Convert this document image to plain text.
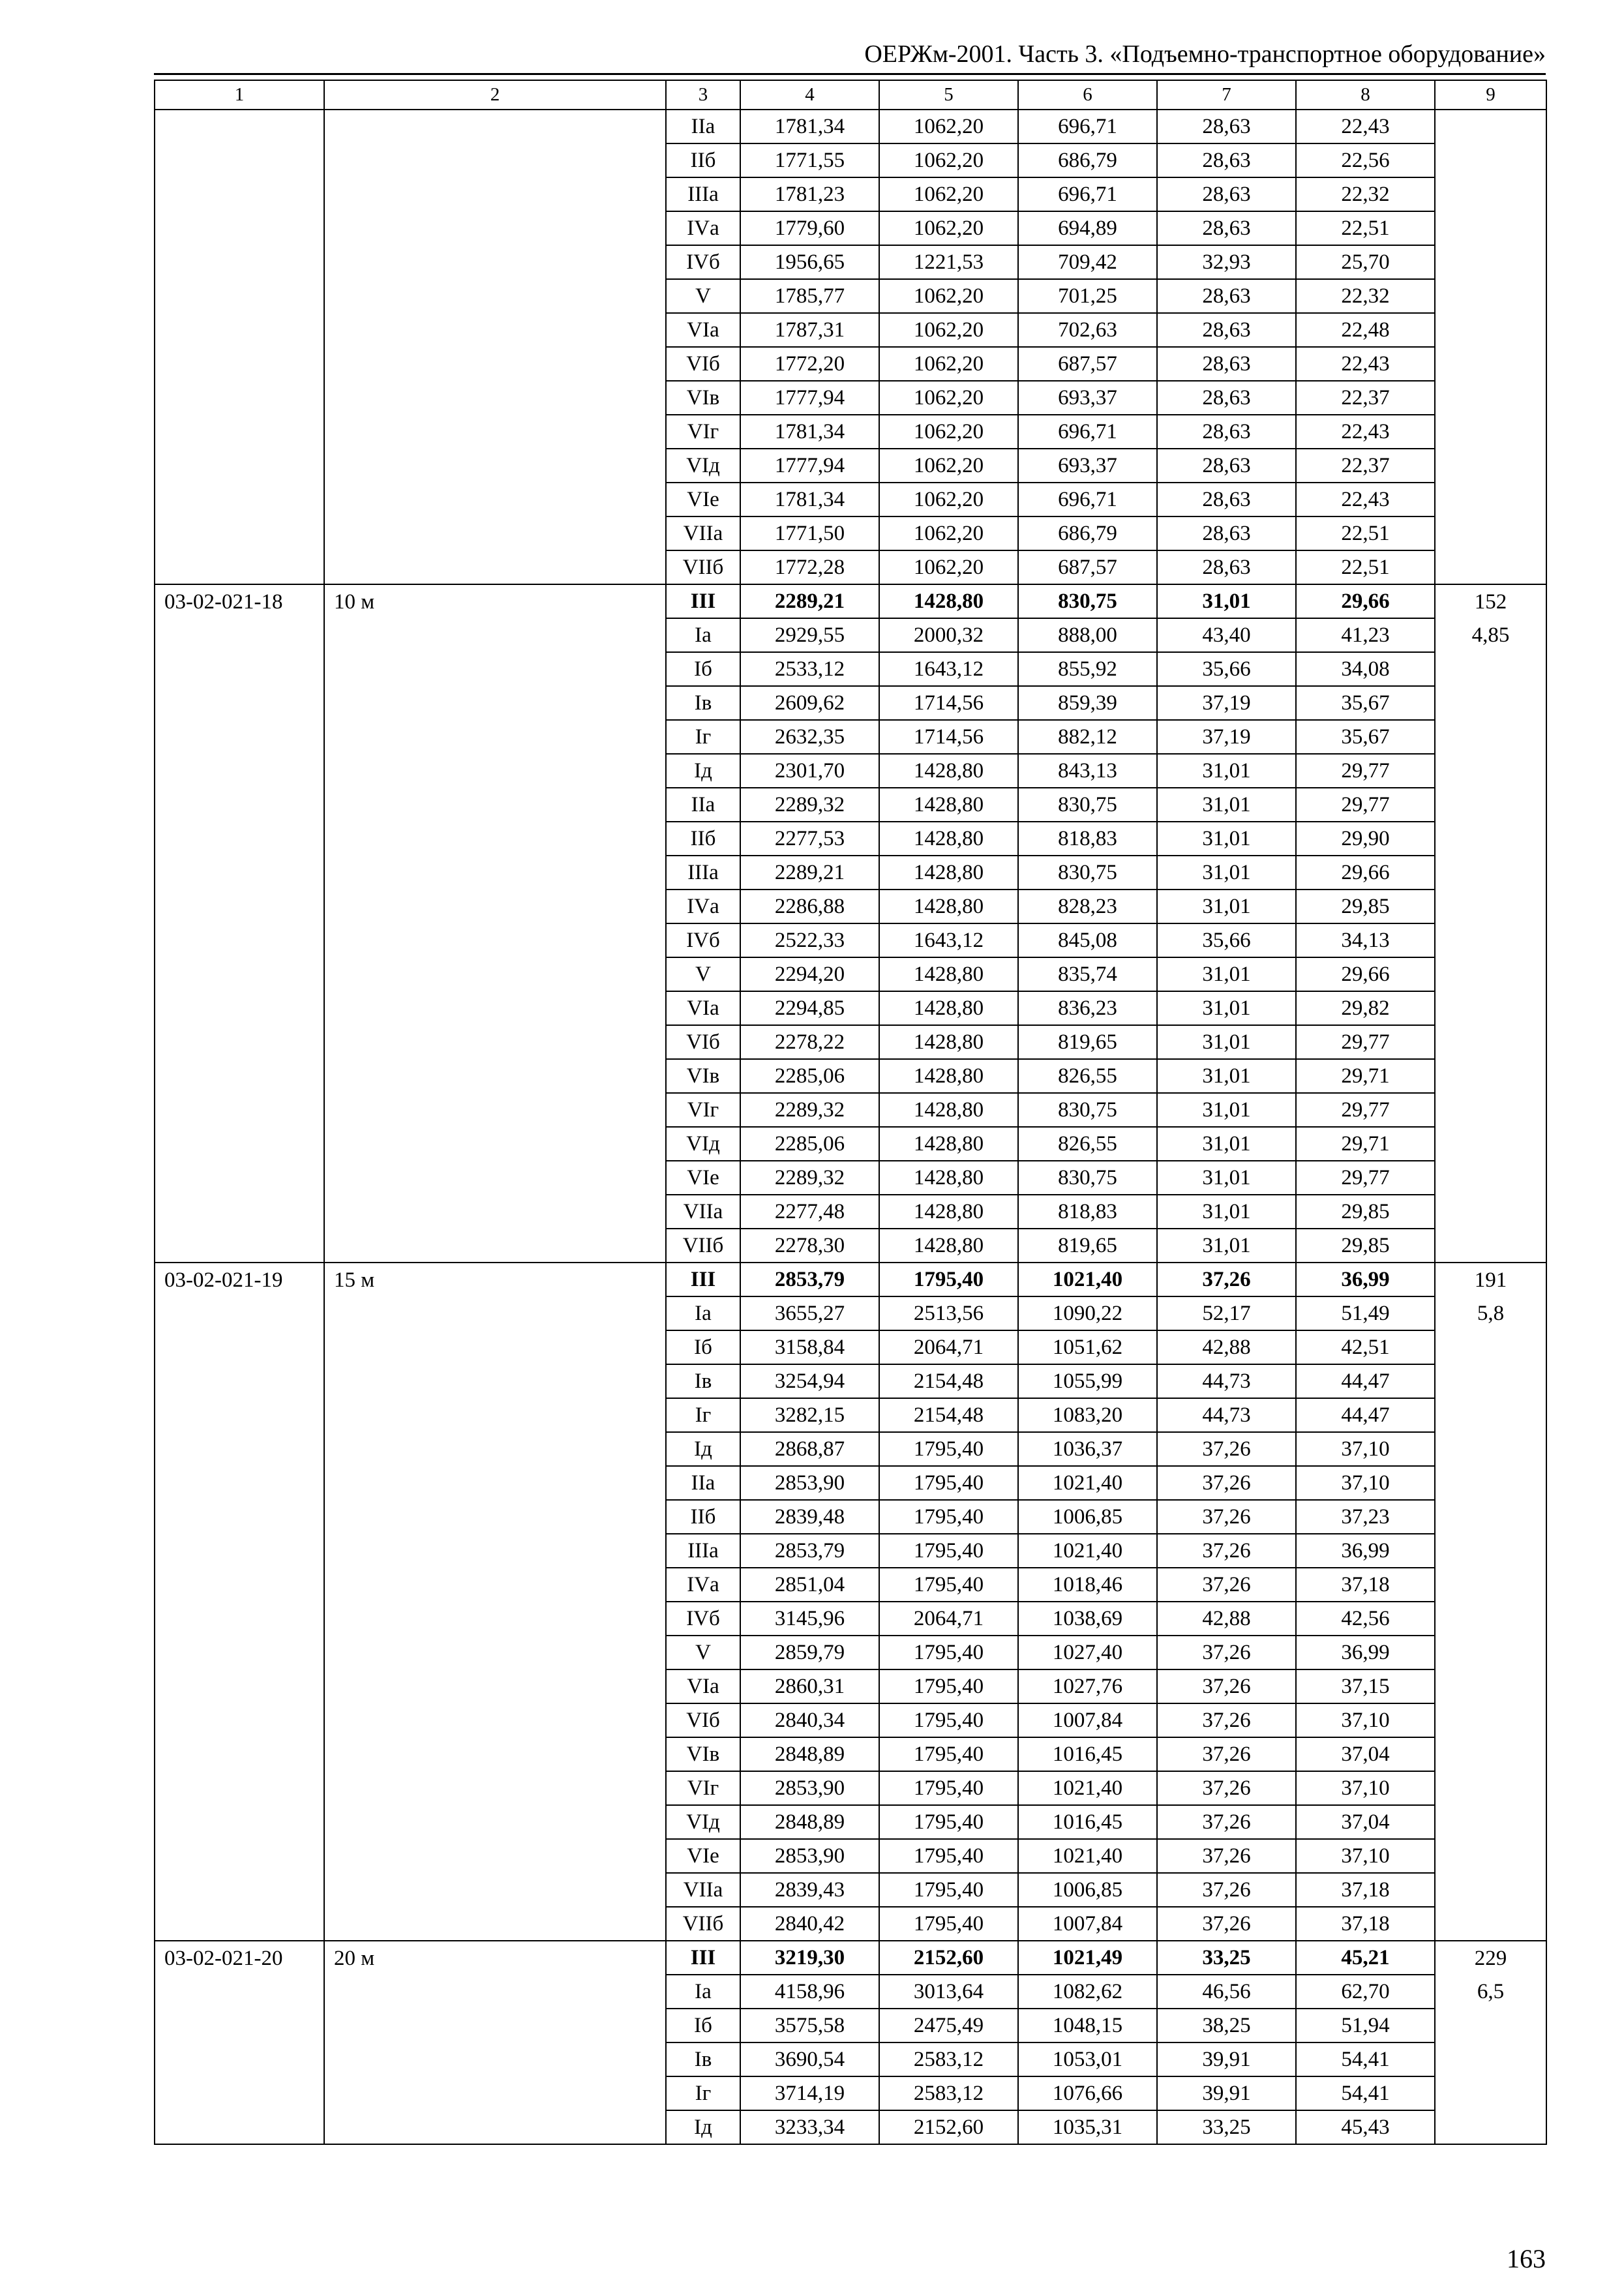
ОЕРЖм-2001. Часть 3. «Подъемно-транспортное оборудование»
1	2	3	4	5	6	7	8	9
		IIа	1781,34	1062,20	696,71	28,63	22,43	
		IIб	1771,55	1062,20	686,79	28,63	22,56	
		IIIа	1781,23	1062,20	696,71	28,63	22,32	
		IVа	1779,60	1062,20	694,89	28,63	22,51	
		IVб	1956,65	1221,53	709,42	32,93	25,70	
		V	1785,77	1062,20	701,25	28,63	22,32	
		VIа	1787,31	1062,20	702,63	28,63	22,48	
		VIб	1772,20	1062,20	687,57	28,63	22,43	
		VIв	1777,94	1062,20	693,37	28,63	22,37	
		VIг	1781,34	1062,20	696,71	28,63	22,43	
		VIд	1777,94	1062,20	693,37	28,63	22,37	
		VIе	1781,34	1062,20	696,71	28,63	22,43	
		VIIа	1771,50	1062,20	686,79	28,63	22,51	
		VIIб	1772,28	1062,20	687,57	28,63	22,51	
03-02-021-18	10 м	III	2289,21	1428,80	830,75	31,01	29,66	152
		Iа	2929,55	2000,32	888,00	43,40	41,23	4,85
		Iб	2533,12	1643,12	855,92	35,66	34,08	
		Iв	2609,62	1714,56	859,39	37,19	35,67	
		Iг	2632,35	1714,56	882,12	37,19	35,67	
		Iд	2301,70	1428,80	843,13	31,01	29,77	
		IIа	2289,32	1428,80	830,75	31,01	29,77	
		IIб	2277,53	1428,80	818,83	31,01	29,90	
		IIIа	2289,21	1428,80	830,75	31,01	29,66	
		IVа	2286,88	1428,80	828,23	31,01	29,85	
		IVб	2522,33	1643,12	845,08	35,66	34,13	
		V	2294,20	1428,80	835,74	31,01	29,66	
		VIа	2294,85	1428,80	836,23	31,01	29,82	
		VIб	2278,22	1428,80	819,65	31,01	29,77	
		VIв	2285,06	1428,80	826,55	31,01	29,71	
		VIг	2289,32	1428,80	830,75	31,01	29,77	
		VIд	2285,06	1428,80	826,55	31,01	29,71	
		VIе	2289,32	1428,80	830,75	31,01	29,77	
		VIIа	2277,48	1428,80	818,83	31,01	29,85	
		VIIб	2278,30	1428,80	819,65	31,01	29,85	
03-02-021-19	15 м	III	2853,79	1795,40	1021,40	37,26	36,99	191
		Iа	3655,27	2513,56	1090,22	52,17	51,49	5,8
		Iб	3158,84	2064,71	1051,62	42,88	42,51	
		Iв	3254,94	2154,48	1055,99	44,73	44,47	
		Iг	3282,15	2154,48	1083,20	44,73	44,47	
		Iд	2868,87	1795,40	1036,37	37,26	37,10	
		IIа	2853,90	1795,40	1021,40	37,26	37,10	
		IIб	2839,48	1795,40	1006,85	37,26	37,23	
		IIIа	2853,79	1795,40	1021,40	37,26	36,99	
		IVа	2851,04	1795,40	1018,46	37,26	37,18	
		IVб	3145,96	2064,71	1038,69	42,88	42,56	
		V	2859,79	1795,40	1027,40	37,26	36,99	
		VIа	2860,31	1795,40	1027,76	37,26	37,15	
		VIб	2840,34	1795,40	1007,84	37,26	37,10	
		VIв	2848,89	1795,40	1016,45	37,26	37,04	
		VIг	2853,90	1795,40	1021,40	37,26	37,10	
		VIд	2848,89	1795,40	1016,45	37,26	37,04	
		VIе	2853,90	1795,40	1021,40	37,26	37,10	
		VIIа	2839,43	1795,40	1006,85	37,26	37,18	
		VIIб	2840,42	1795,40	1007,84	37,26	37,18	
03-02-021-20	20 м	III	3219,30	2152,60	1021,49	33,25	45,21	229
		Iа	4158,96	3013,64	1082,62	46,56	62,70	6,5
		Iб	3575,58	2475,49	1048,15	38,25	51,94	
		Iв	3690,54	2583,12	1053,01	39,91	54,41	
		Iг	3714,19	2583,12	1076,66	39,91	54,41	
		Iд	3233,34	2152,60	1035,31	33,25	45,43	
163
